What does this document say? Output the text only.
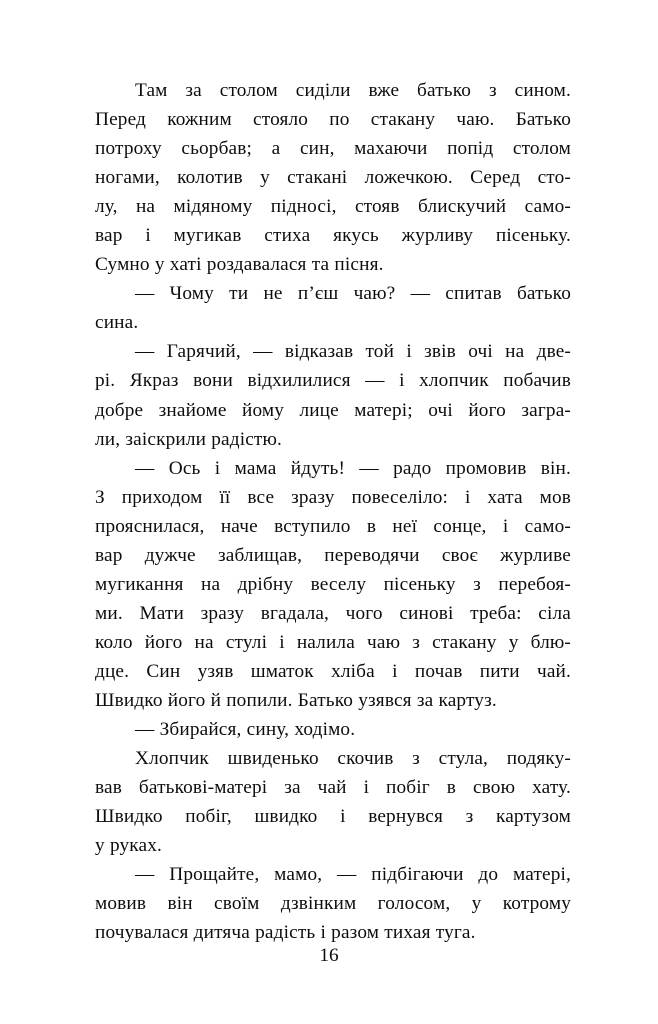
Там за столом сиділи вже батько з сином.
Перед кожним стояло по стакану чаю. Батько
потроху сьорбав; а син, махаючи попід столом
ногами, колотив у стакані ложечкою. Серед сто-
лу, на мідяному підносі, стояв блискучий само-
вар і мугикав стиха якусь журливу пісеньку.
Сумно у хаті роздавалася та пісня.

— Чому ти не п’єш чаю? — спитав батько
сина.

— Гарячий, — відказав той і звів очі на две-
рі. Якраз вони відхилилися — і хлопчик побачив
добре знайоме йому лице матері; очі його загра-
ли, заіскрили радістю.

— Ось і мама йдуть! — радо промовив він.
З приходом її все зразу повеселіло: і хата мов
прояснилася, наче вступило в неї сонце, і само-
вар дужче заблищав, переводячи своє журливе
мугикання на дрібну веселу пісеньку з перебоя-
ми. Мати зразу вгадала, чого синові треба: сіла
коло його на стулі і налила чаю з стакану у блю-
дце. Син узяв шматок хліба і почав пити чай.
Швидко його й попили. Батько узявся за картуз.

— Збирайся, сину, ходімо.

Хлопчик швиденько скочив з стула, подяку-
вав батькові-матері за чай і побіг в свою хату.
Швидко побіг, швидко і вернувся з картузом
у руках.

— Прощайте, мамо, — підбігаючи до матері,
мовив він своїм дзвінким голосом, у котрому
почувалася дитяча радість і разом тихая туга.

16
